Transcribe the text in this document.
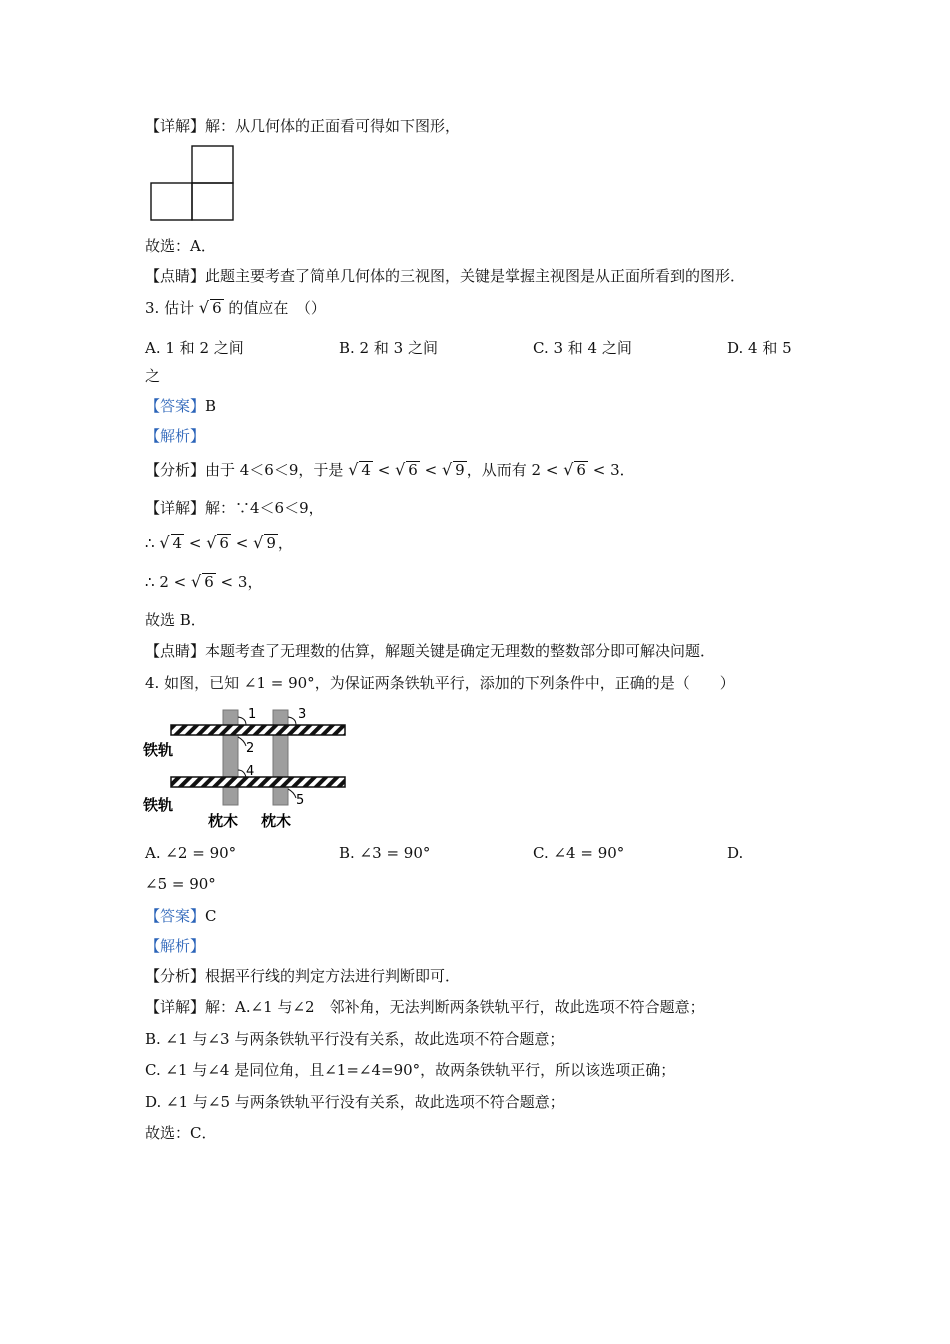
【详解】解：从几何体的正面看可得如下图形，
故选：A．
【点睛】此题主要考查了简单几何体的三视图，关键是掌握主视图是从正面所看到的图形．
3. 估计 √ 6 的值应在　（）
A. 1 和 2 之间	B. 2 和 3 之间	C. 3 和 4 之间	D. 4 和 5
之
【答案】B
【解析】
【分析】由于 4＜6＜9，于是 √ 4 < √ 6 < √ 9 ，从而有 2 < √ 6 < 3．
【详解】解：∵4＜6＜9，
∴ √ 4 < √ 6 < √ 9 ，
∴ 2 < √ 6 < 3，
故选 B．
【点睛】本题考查了无理数的估算，解题关键是确定无理数的整数部分即可解决问题．
4. 如图，已知 ∠1 = 90°，为保证两条铁轨平行，添加的下列条件中，正确的是（　　）
1
2
3
4
5
铁轨
铁轨
枕木 枕木
A. ∠2 = 90°	B. ∠3 = 90°	C. ∠4 = 90°	D.
∠5 = 90°
【答案】C
【解析】
【分析】根据平行线的判定方法进行判断即可．
【详解】解：A.∠1 与∠2　邻补角，无法判断两条铁轨平行，故此选项不符合题意；
B. ∠1 与∠3 与两条铁轨平行没有关系，故此选项不符合题意；
C. ∠1 与∠4 是同位角，且∠1=∠4=90°，故两条铁轨平行，所以该选项正确；
D. ∠1 与∠5 与两条铁轨平行没有关系，故此选项不符合题意；
故选：C．
